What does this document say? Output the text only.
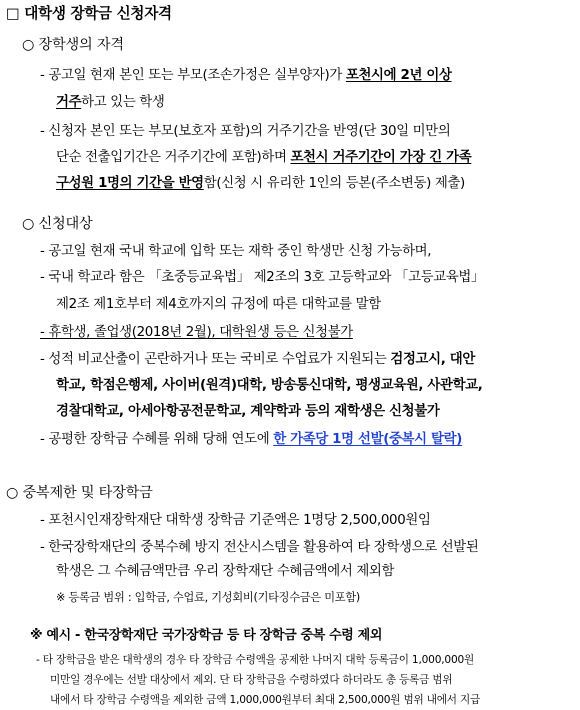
□ 대학생 장학금 신청자격
○ 장학생의 자격
- 공고일 현재 본인 또는 부모(조손가정은 실부양자)가 포천시에 2년 이상
거주하고 있는 학생
- 신청자 본인 또는 부모(보호자 포함)의 거주기간을 반영(단 30일 미만의
단순 전출입기간은 거주기간에 포함)하며 포천시 거주기간이 가장 긴 가족
구성원 1명의 기간을 반영함(신청 시 유리한 1인의 등본(주소변동) 제출)
○ 신청대상
- 공고일 현재 국내 학교에 입학 또는 재학 중인 학생만 신청 가능하며,
- 국내 학교라 함은 「초중등교육법」 제2조의 3호 고등학교와 「고등교육법」
제2조 제1호부터 제4호까지의 규정에 따른 대학교를 말함
- 휴학생, 졸업생(2018년 2월), 대학원생 등은 신청불가
- 성적 비교산출이 곤란하거나 또는 국비로 수업료가 지원되는 검정고시, 대안
학교, 학점은행제, 사이버(원격)대학, 방송통신대학, 평생교육원, 사관학교,
경찰대학교, 아세아항공전문학교, 계약학과 등의 재학생은 신청불가
- 공평한 장학금 수혜를 위해 당해 연도에 한 가족당 1명 선발(중복시 탈락)
○ 중복제한 및 타장학금
- 포천시인재장학재단 대학생 장학금 기준액은 1명당 2,500,000원임
- 한국장학재단의 중복수혜 방지 전산시스템을 활용하여 타 장학생으로 선발된
학생은 그 수혜금액만큼 우리 장학재단 수혜금액에서 제외함
※ 등록금 범위 : 입학금, 수업료, 기성회비(기타징수금은 미포함)
※ 예시 - 한국장학재단 국가장학금 등 타 장학금 중복 수령 제외
- 타 장학금을 받은 대학생의 경우 타 장학금 수령액을 공제한 나머지 대학 등록금이 1,000,000원
미만일 경우에는 선발 대상에서 제외. 단 타 장학금을 수령하였다 하더라도 총 등록금 범위
내에서 타 장학금 수령액을 제외한 금액 1,000,000원부터 최대 2,500,000원 범위 내에서 지급
